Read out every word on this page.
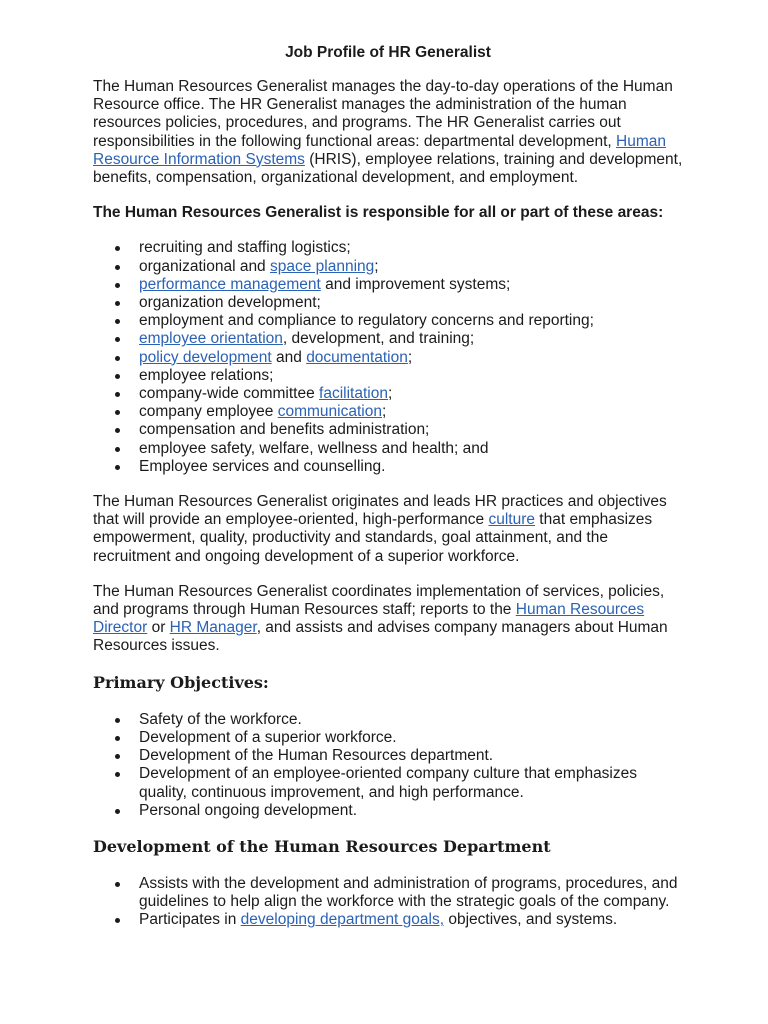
Job Profile of HR Generalist

The Human Resources Generalist manages the day-to-day operations of the Human Resource office. The HR Generalist manages the administration of the human resources policies, procedures, and programs. The HR Generalist carries out responsibilities in the following functional areas: departmental development, Human Resource Information Systems (HRIS), employee relations, training and development, benefits, compensation, organizational development, and employment.

The Human Resources Generalist is responsible for all or part of these areas:
recruiting and staffing logistics;
organizational and space planning;
performance management and improvement systems;
organization development;
employment and compliance to regulatory concerns and reporting;
employee orientation, development, and training;
policy development and documentation;
employee relations;
company-wide committee facilitation;
company employee communication;
compensation and benefits administration;
employee safety, welfare, wellness and health; and
Employee services and counselling.

The Human Resources Generalist originates and leads HR practices and objectives that will provide an employee-oriented, high-performance culture that emphasizes empowerment, quality, productivity and standards, goal attainment, and the recruitment and ongoing development of a superior workforce.

The Human Resources Generalist coordinates implementation of services, policies, and programs through Human Resources staff; reports to the Human Resources Director or HR Manager, and assists and advises company managers about Human Resources issues.

Primary Objectives:
Safety of the workforce.
Development of a superior workforce.
Development of the Human Resources department.
Development of an employee-oriented company culture that emphasizes quality, continuous improvement, and high performance.
Personal ongoing development.
Development of the Human Resources Department
Assists with the development and administration of programs, procedures, and guidelines to help align the workforce with the strategic goals of the company.
Participates in developing department goals, objectives, and systems.
